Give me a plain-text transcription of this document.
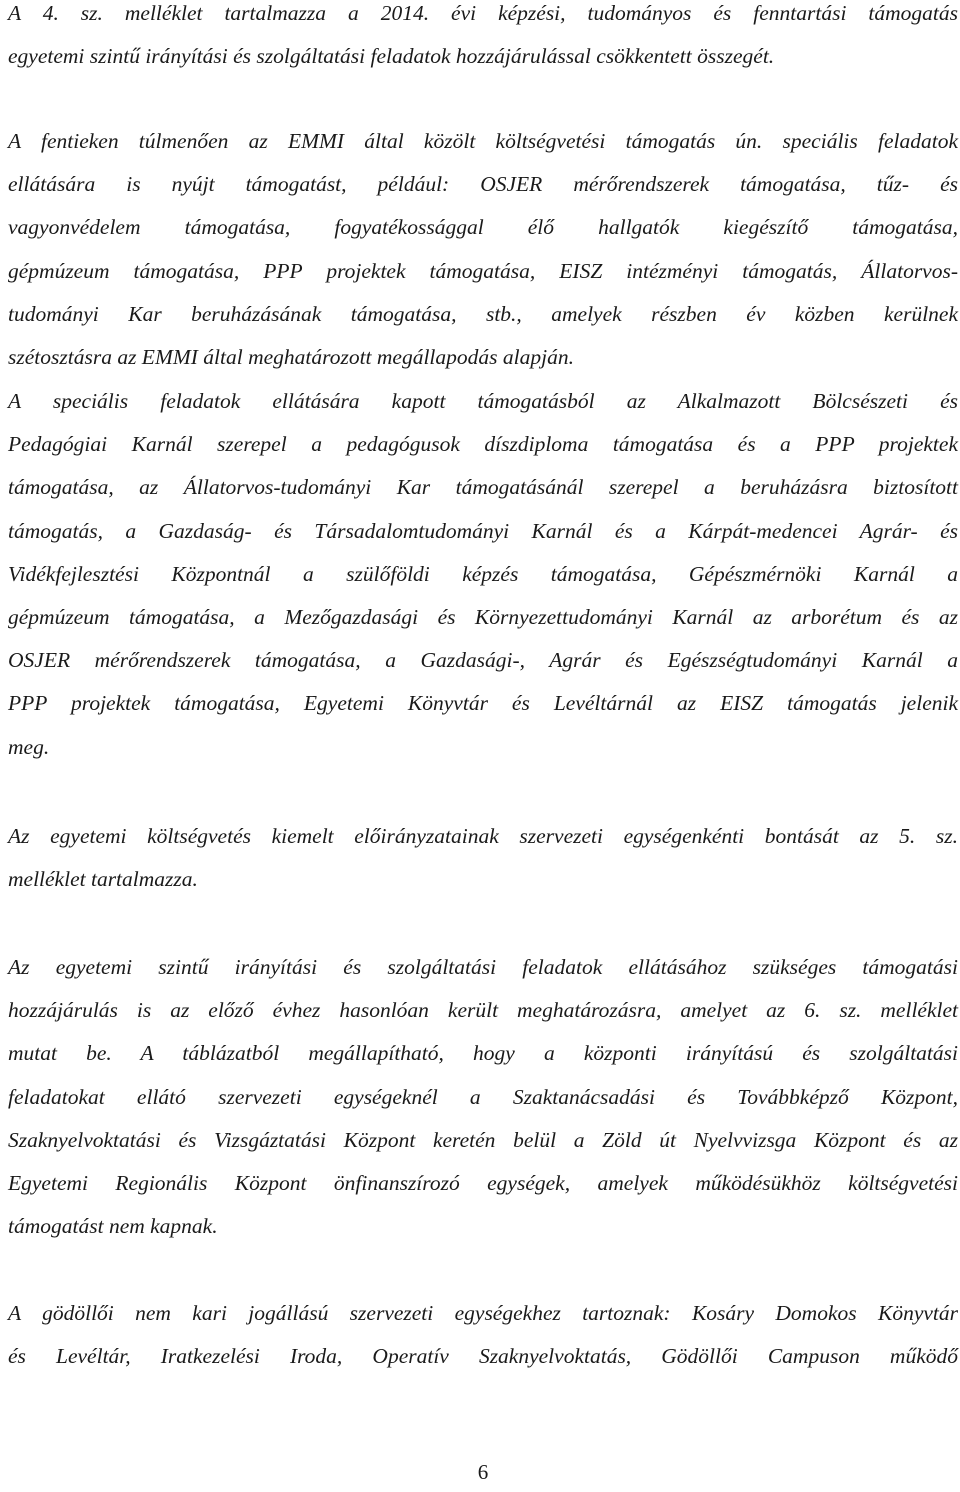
A 4. sz. melléklet tartalmazza a 2014. évi képzési, tudományos és fenntartási támogatás
egyetemi szintű irányítási és szolgáltatási feladatok hozzájárulással csökkentett összegét.
A fentieken túlmenően az EMMI által közölt költségvetési támogatás ún. speciális feladatok
ellátására is nyújt támogatást, például: OSJER mérőrendszerek támogatása, tűz- és
vagyonvédelem támogatása, fogyatékossággal élő hallgatók kiegészítő támogatása,
gépmúzeum támogatása, PPP projektek támogatása, EISZ intézményi támogatás, Állatorvos-
tudományi Kar beruházásának támogatása, stb., amelyek részben év közben kerülnek
szétosztásra az EMMI által meghatározott megállapodás alapján.
A speciális feladatok ellátására kapott támogatásból az Alkalmazott Bölcsészeti és
Pedagógiai Karnál szerepel a pedagógusok díszdiploma támogatása és a PPP projektek
támogatása, az Állatorvos-tudományi Kar támogatásánál szerepel a beruházásra biztosított
támogatás, a Gazdaság- és Társadalomtudományi Karnál és a Kárpát-medencei Agrár- és
Vidékfejlesztési Központnál a szülőföldi képzés támogatása, Gépészmérnöki Karnál a
gépmúzeum támogatása, a Mezőgazdasági és Környezettudományi Karnál az arborétum és az
OSJER mérőrendszerek támogatása, a Gazdasági-, Agrár és Egészségtudományi Karnál a
PPP projektek támogatása, Egyetemi Könyvtár és Levéltárnál az EISZ támogatás jelenik
meg.
Az egyetemi költségvetés kiemelt előirányzatainak szervezeti egységenkénti bontását az 5. sz.
melléklet tartalmazza.
Az egyetemi szintű irányítási és szolgáltatási feladatok ellátásához szükséges támogatási
hozzájárulás is az előző évhez hasonlóan került meghatározásra, amelyet az 6. sz. melléklet
mutat be. A táblázatból megállapítható, hogy a központi irányítású és szolgáltatási
feladatokat ellátó szervezeti egységeknél a Szaktanácsadási és Továbbképző Központ,
Szaknyelvoktatási és Vizsgáztatási Központ keretén belül a Zöld út Nyelvvizsga Központ és az
Egyetemi Regionális Központ önfinanszírozó egységek, amelyek működésükhöz költségvetési
támogatást nem kapnak.
A gödöllői nem kari jogállású szervezeti egységekhez tartoznak: Kosáry Domokos Könyvtár
és Levéltár, Iratkezelési Iroda, Operatív Szaknyelvoktatás, Gödöllői Campuson működő
6
